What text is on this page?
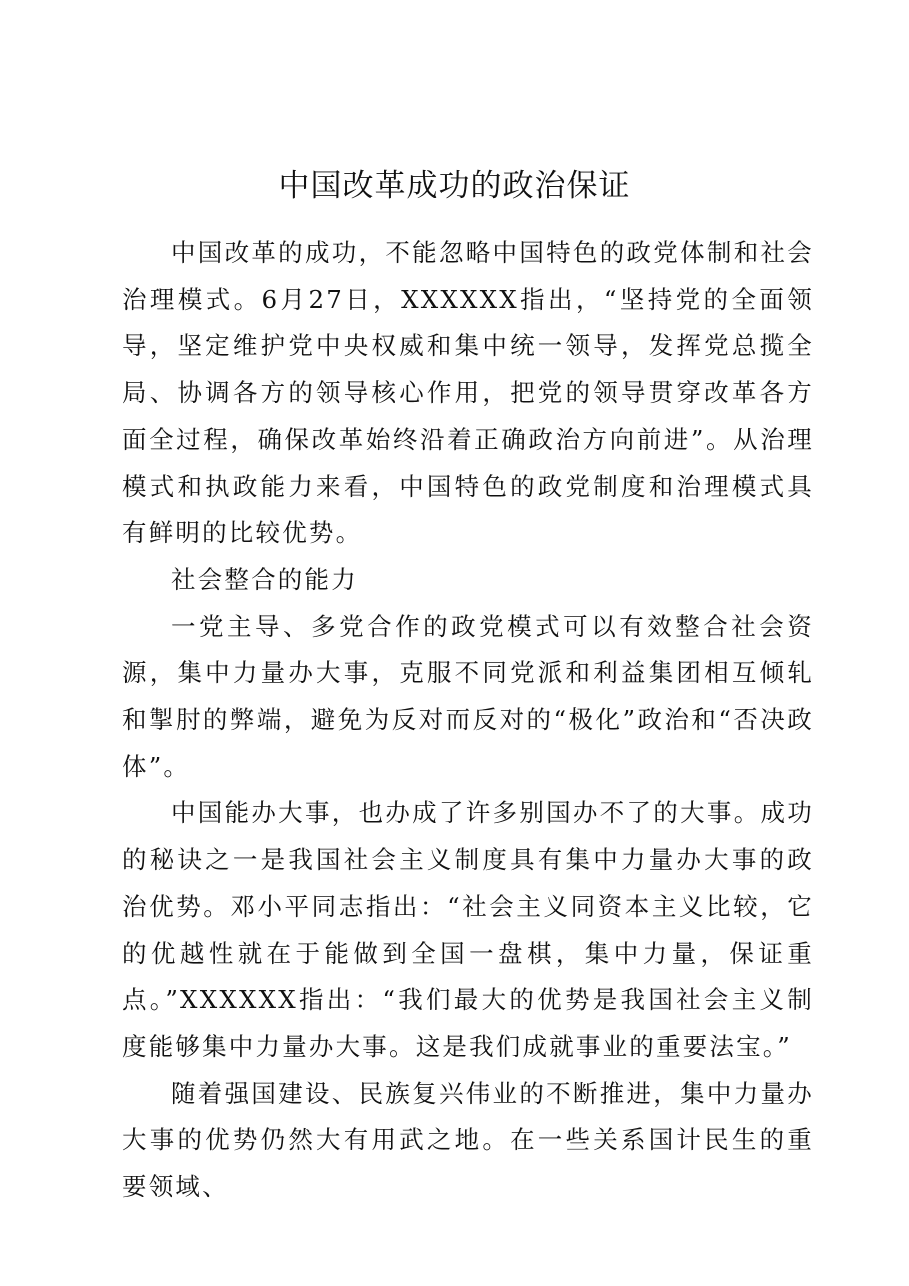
中国改革成功的政治保证

中国改革的成功，不能忽略中国特色的政党体制和社会治理模式。6月27日，XXXXXX指出，“坚持党的全面领导，坚定维护党中央权威和集中统一领导，发挥党总揽全局、协调各方的领导核心作用，把党的领导贯穿改革各方面全过程，确保改革始终沿着正确政治方向前进”。从治理模式和执政能力来看，中国特色的政党制度和治理模式具有鲜明的比较优势。

社会整合的能力

一党主导、多党合作的政党模式可以有效整合社会资源，集中力量办大事，克服不同党派和利益集团相互倾轧和掣肘的弊端，避免为反对而反对的“极化”政治和“否决政体”。

中国能办大事，也办成了许多别国办不了的大事。成功的秘诀之一是我国社会主义制度具有集中力量办大事的政治优势。邓小平同志指出：“社会主义同资本主义比较，它的优越性就在于能做到全国一盘棋，集中力量，保证重点。”XXXXXX指出：“我们最大的优势是我国社会主义制度能够集中力量办大事。这是我们成就事业的重要法宝。”

随着强国建设、民族复兴伟业的不断推进，集中力量办大事的优势仍然大有用武之地。在一些关系国计民生的重要领域、
